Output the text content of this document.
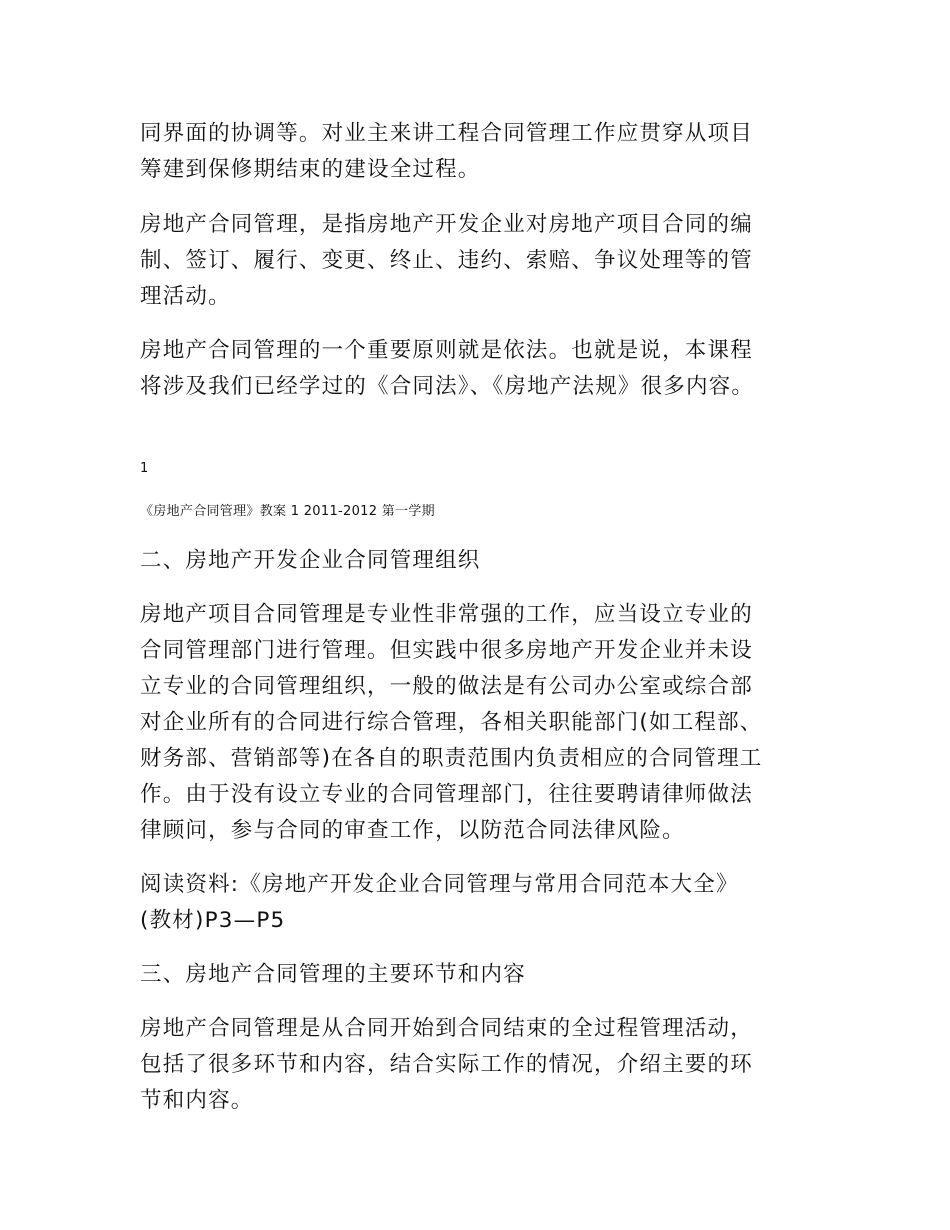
同界面的协调等。对业主来讲工程合同管理工作应贯穿从项目
筹建到保修期结束的建设全过程。
房地产合同管理，是指房地产开发企业对房地产项目合同的编
制、签订、履行、变更、终止、违约、索赔、争议处理等的管
理活动。
房地产合同管理的一个重要原则就是依法。也就是说，本课程
将涉及我们已经学过的《合同法》、《房地产法规》很多内容。
1
《房地产合同管理》教案 1 2011-2012 第一学期
二、房地产开发企业合同管理组织
房地产项目合同管理是专业性非常强的工作，应当设立专业的
合同管理部门进行管理。但实践中很多房地产开发企业并未设
立专业的合同管理组织，一般的做法是有公司办公室或综合部
对企业所有的合同进行综合管理，各相关职能部门(如工程部、
财务部、营销部等)在各自的职责范围内负责相应的合同管理工
作。由于没有设立专业的合同管理部门，往往要聘请律师做法
律顾问，参与合同的审查工作，以防范合同法律风险。
阅读资料:《房地产开发企业合同管理与常用合同范本大全》
(教材)P3—P5
三、房地产合同管理的主要环节和内容
房地产合同管理是从合同开始到合同结束的全过程管理活动，
包括了很多环节和内容，结合实际工作的情况，介绍主要的环
节和内容。
